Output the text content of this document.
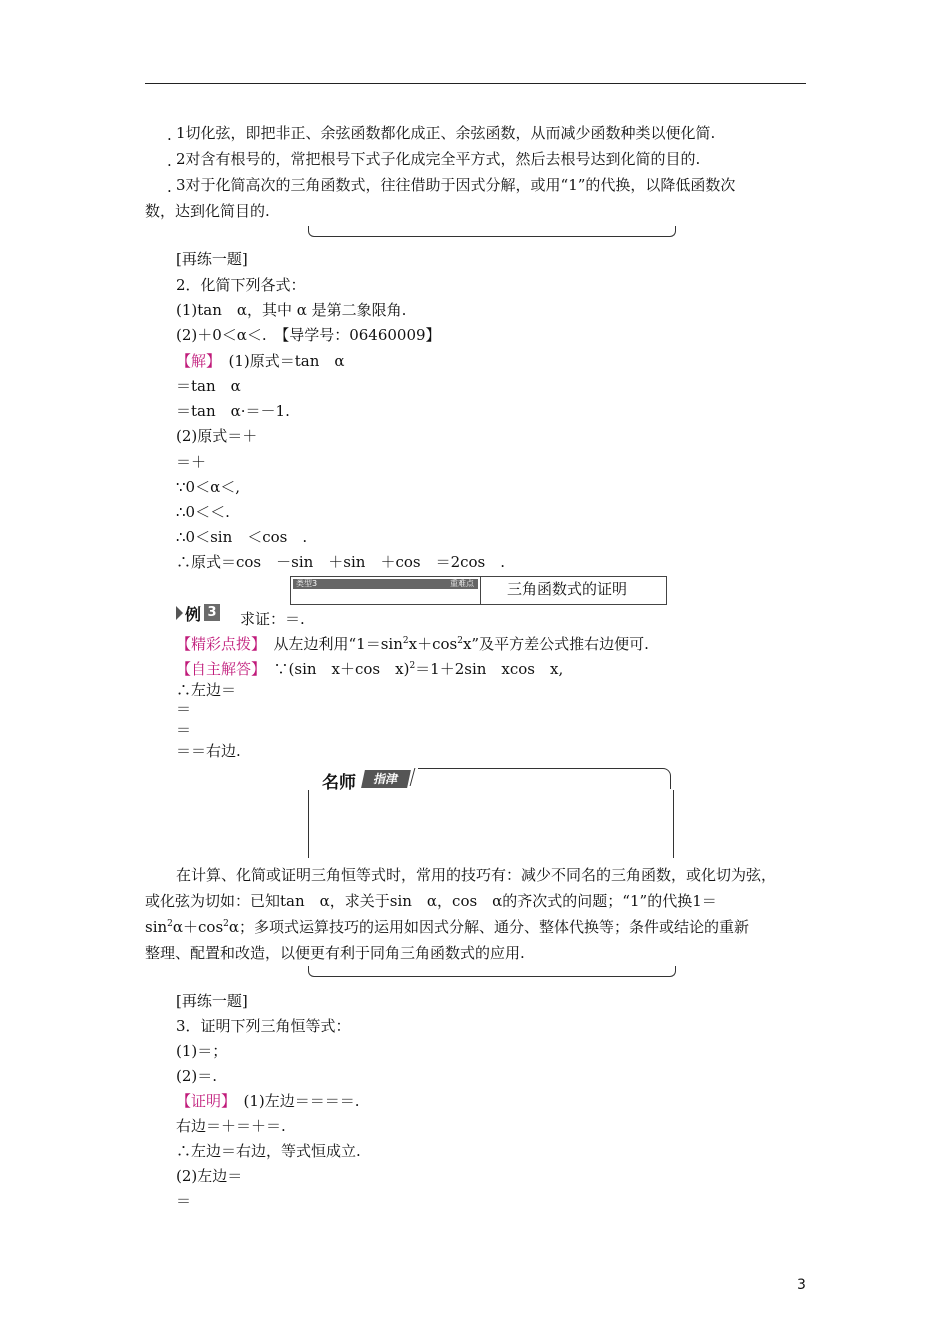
. 1切化弦，即把非正、余弦函数都化成正、余弦函数，从而减少函数种类以便化简.
. 2对含有根号的，常把根号下式子化成完全平方式，然后去根号达到化简的目的.
. 3对于化简高次的三角函数式，往往借助于因式分解，或用“1”的代换，以降低函数次
数，达到化简目的.
[再练一题]
2．化简下列各式：
(1)tan　α，其中 α 是第二象限角.
(2)＋0＜α＜.　【导学号：06460009】
【解】　(1)原式＝tan　α
＝tan　α
＝tan　α·＝－1.
(2)原式＝＋
＝＋
∵0＜α＜,
∴0＜＜.
∴0＜sin　＜cos　.
∴原式＝cos　－sin　＋sin　＋cos　＝2cos　.
类型3	重难点 三角函数式的证明
例 3 求证：＝.
【精彩点拨】　从左边利用“$1=\sin^2x+\cos^2x$”及平方差公式推右边便可.
【自主解答】　∵(sin　x＋cos　x)$^2$＝1＋2sin　xcos　x,
∴左边＝
＝
＝
＝＝右边.
名师	指津
在计算、化简或证明三角恒等式时，常用的技巧有：减少不同名的三角函数，或化切为弦，
或化弦为切如：已知tan　α，求关于sin　α，cos　α的齐次式的问题；“1”的代换1＝
$\sin^2\alpha+\cos^2\alpha$；多项式运算技巧的运用如因式分解、通分、整体代换等；条件或结论的重新
整理、配置和改造，以便更有利于同角三角函数式的应用.
[再练一题]
3．证明下列三角恒等式：
(1)＝；
(2)＝.
【证明】　(1)左边＝＝＝＝.
右边＝＋＝＋＝.
∴左边＝右边，等式恒成立.
(2)左边＝
＝
3
